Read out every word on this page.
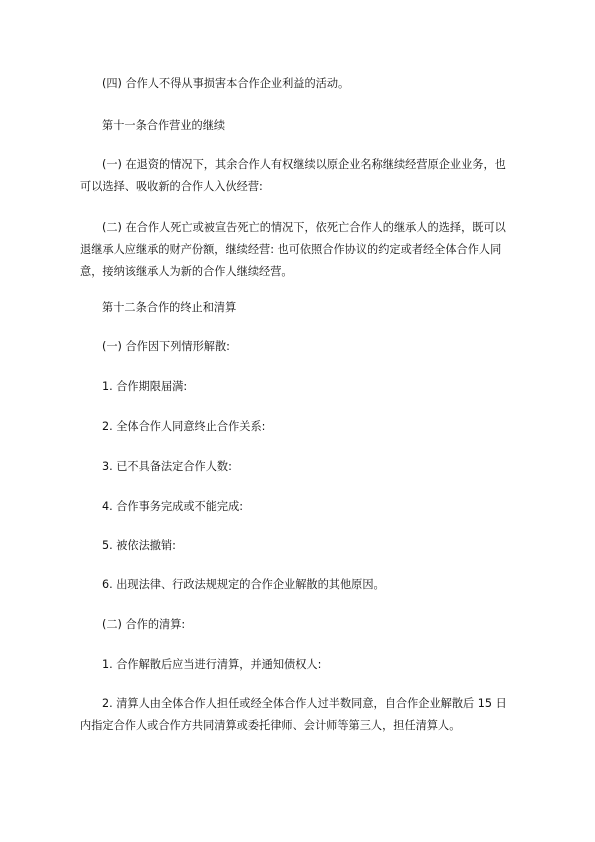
(四) 合作人不得从事损害本合作企业利益的活动。

第十一条合作营业的继续

(一) 在退资的情况下，其余合作人有权继续以原企业名称继续经营原企业业务，也可以选择、吸收新的合作人入伙经营:

(二) 在合作人死亡或被宣告死亡的情况下，依死亡合作人的继承人的选择，既可以退继承人应继承的财产份额，继续经营: 也可依照合作协议的约定或者经全体合作人同意，接纳该继承人为新的合作人继续经营。

第十二条合作的终止和清算

(一) 合作因下列情形解散:

1. 合作期限届满:

2. 全体合作人同意终止合作关系:

3. 已不具备法定合作人数:

4. 合作事务完成或不能完成:

5. 被依法撤销:

6. 出现法律、行政法规规定的合作企业解散的其他原因。

(二) 合作的清算:

1. 合作解散后应当进行清算，并通知债权人:

2. 清算人由全体合作人担任或经全体合作人过半数同意，自合作企业解散后 15 日内指定合作人或合作方共同清算或委托律师、会计师等第三人，担任清算人。
